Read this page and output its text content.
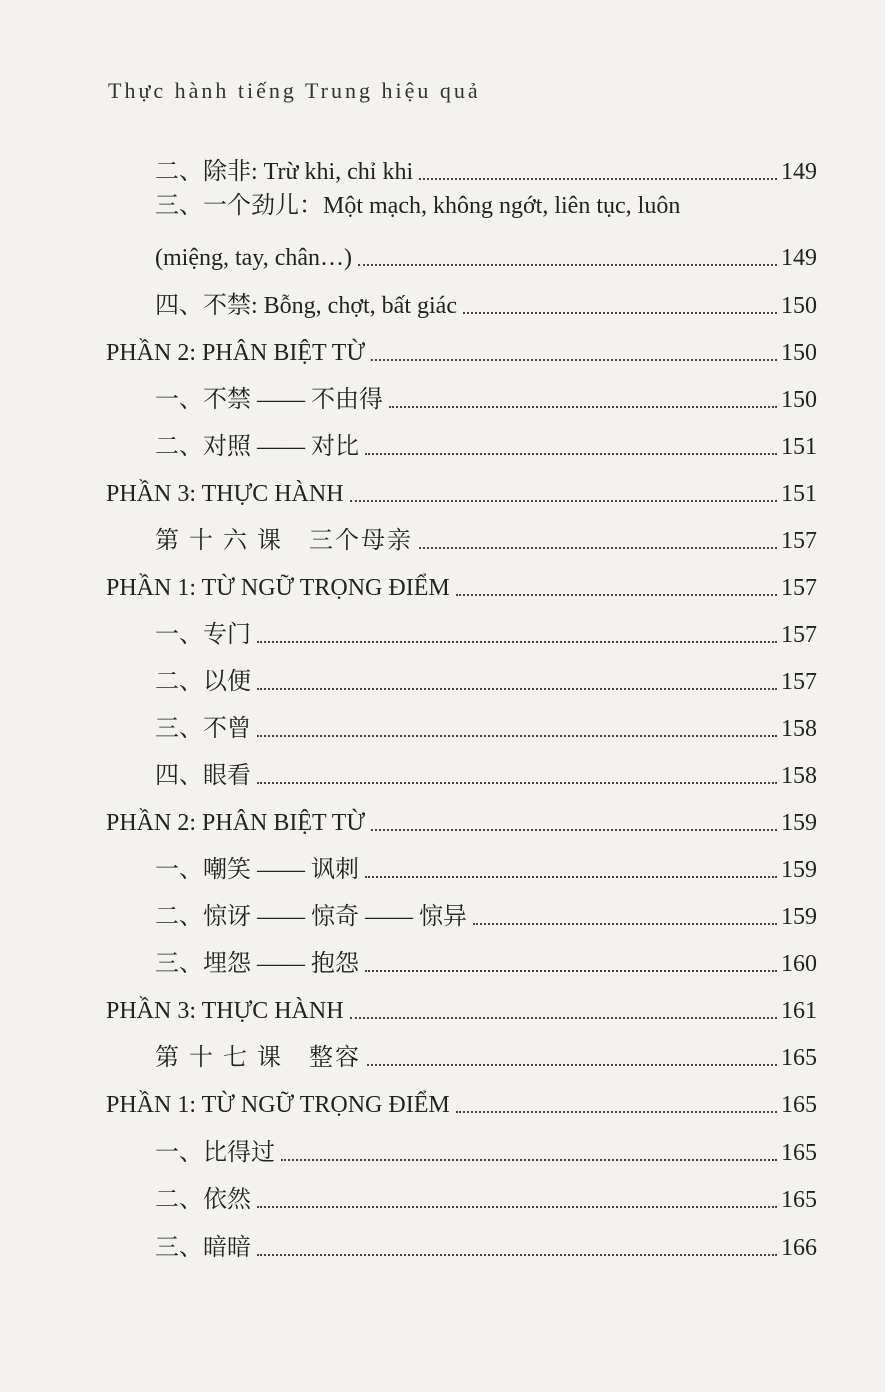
Thực hành tiếng Trung hiệu quả
二、除非: Trừ khi, chỉ khi	149
三、一个劲儿：Một mạch, không ngớt, liên tục, luôn
(miệng, tay, chân…)	149
四、不禁: Bỗng, chợt, bất giác	150
PHẦN 2: PHÂN BIỆT TỪ	150
一、不禁 —— 不由得	150
二、对照 —— 对比	151
PHẦN 3: THỰC HÀNH	151
第 十 六 课　三个母亲	157
PHẦN 1: TỪ NGỮ TRỌNG ĐIỂM	157
一、专门	157
二、以便	157
三、不曾	158
四、眼看	158
PHẦN 2: PHÂN BIỆT TỪ	159
一、嘲笑 —— 讽刺	159
二、惊讶 —— 惊奇 —— 惊异	159
三、埋怨 —— 抱怨	160
PHẦN 3: THỰC HÀNH	161
第 十 七 课　整容	165
PHẦN 1: TỪ NGỮ TRỌNG ĐIỂM	165
一、比得过	165
二、依然	165
三、暗暗	166
